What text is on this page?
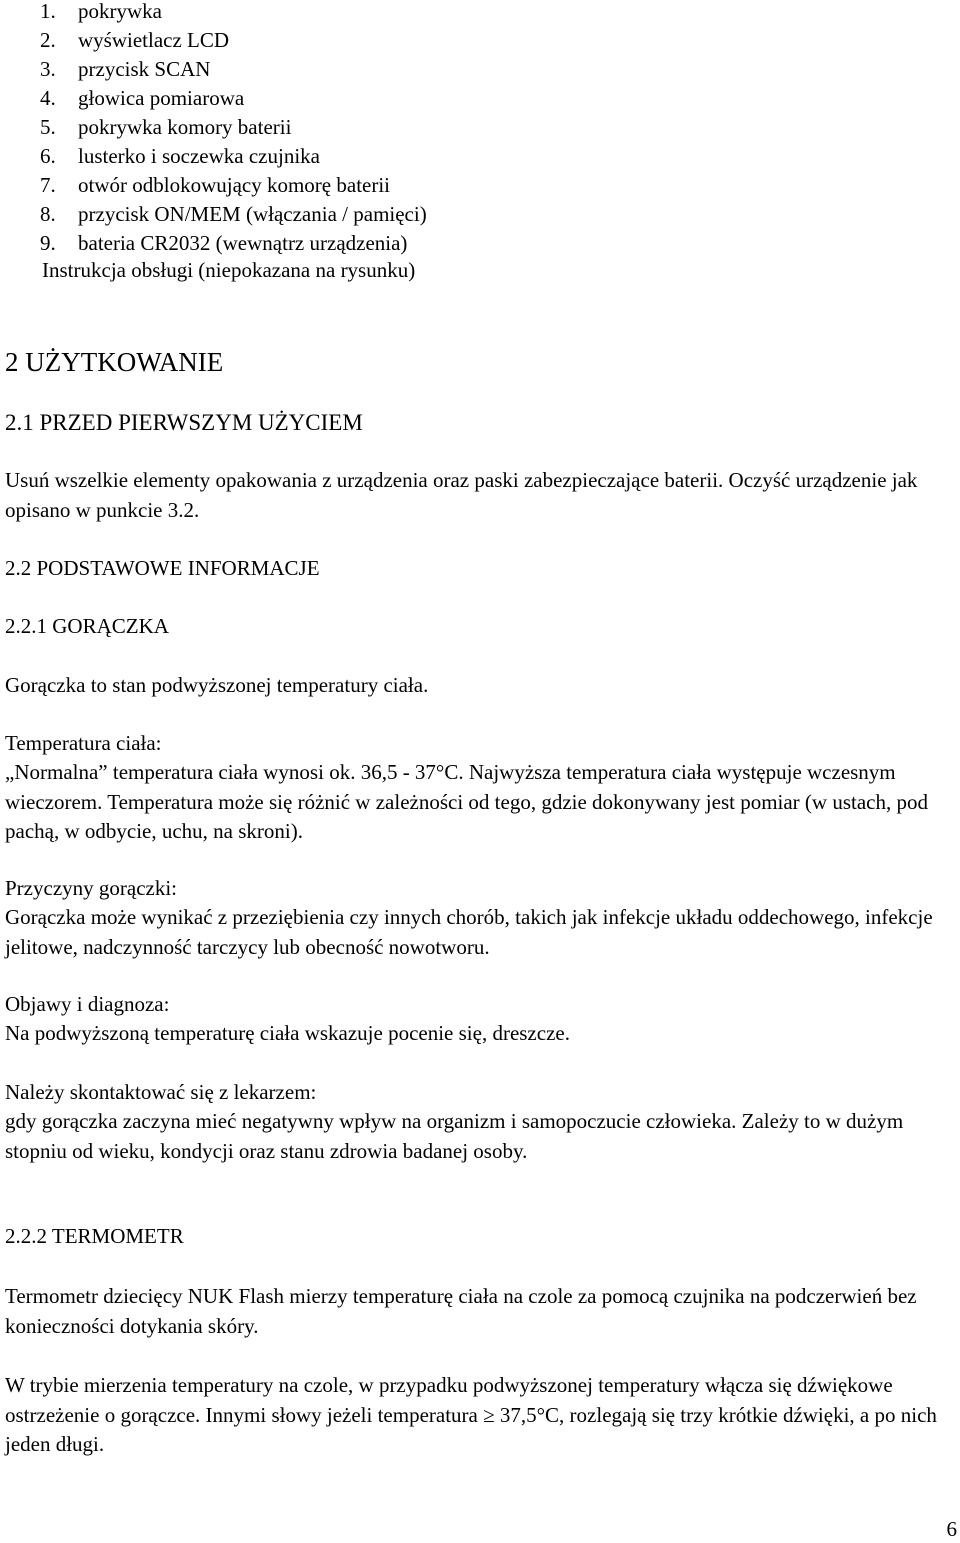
1.	pokrywka
2.	wyświetlacz LCD
3.	przycisk SCAN
4.	głowica pomiarowa
5.	pokrywka komory baterii
6.	lusterko i soczewka czujnika
7.	otwór odblokowujący komorę baterii
8.	przycisk ON/MEM (włączania / pamięci)
9.	bateria CR2032 (wewnątrz urządzenia)
Instrukcja obsługi (niepokazana na rysunku)
2 UŻYTKOWANIE
2.1 PRZED PIERWSZYM UŻYCIEM

Usuń wszelkie elementy opakowania z urządzenia oraz paski zabezpieczające baterii. Oczyść urządzenie jak opisano w punkcie 3.2.

2.2 PODSTAWOWE INFORMACJE
2.2.1 GORĄCZKA

Gorączka to stan podwyższonej temperatury ciała.

Temperatura ciała:

„Normalna” temperatura ciała wynosi ok. 36,5 - 37°C. Najwyższa temperatura ciała występuje wczesnym wieczorem. Temperatura może się różnić w zależności od tego, gdzie dokonywany jest pomiar (w ustach, pod pachą, w odbycie, uchu, na skroni).

Przyczyny gorączki:

Gorączka może wynikać z przeziębienia czy innych chorób, takich jak infekcje układu oddechowego, infekcje jelitowe, nadczynność tarczycy lub obecność nowotworu.

Objawy i diagnoza:

Na podwyższoną temperaturę ciała wskazuje pocenie się, dreszcze.

Należy skontaktować się z lekarzem:

gdy gorączka zaczyna mieć negatywny wpływ na organizm i samopoczucie człowieka. Zależy to w dużym stopniu od wieku, kondycji oraz stanu zdrowia badanej osoby.

2.2.2 TERMOMETR

Termometr dziecięcy NUK Flash mierzy temperaturę ciała na czole za pomocą czujnika na podczerwień bez konieczności dotykania skóry.

W trybie mierzenia temperatury na czole, w przypadku podwyższonej temperatury włącza się dźwiękowe ostrzeżenie o gorączce. Innymi słowy jeżeli temperatura ≥ 37,5°C, rozlegają się trzy krótkie dźwięki, a po nich jeden długi.

6
